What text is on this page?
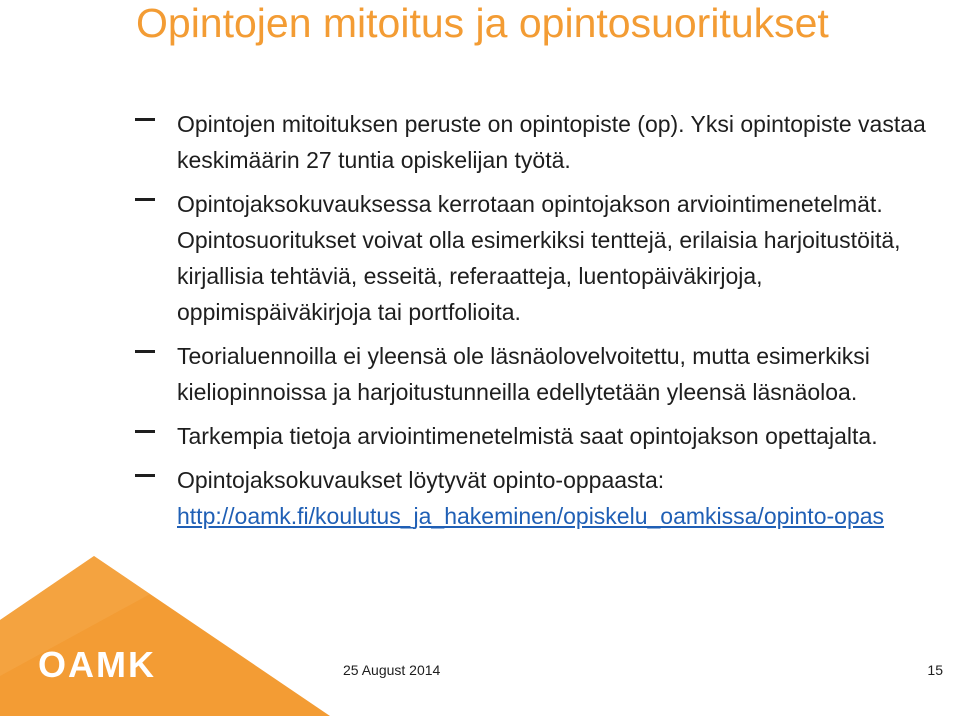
Opintojen mitoitus ja opintosuoritukset
Opintojen mitoituksen peruste on opintopiste (op). Yksi opintopiste vastaa keskimäärin 27 tuntia opiskelijan työtä.
Opintojaksokuvauksessa kerrotaan opintojakson arviointimenetelmät. Opintosuoritukset voivat olla esimerkiksi tenttejä, erilaisia harjoitustöitä, kirjallisia tehtäviä, esseitä, referaatteja, luentopäiväkirjoja, oppimispäiväkirjoja tai portfolioita.
Teorialuennoilla ei yleensä ole läsnäolovelvoitettu, mutta esimerkiksi kieliopinnoissa ja harjoitustunneilla edellytetään yleensä läsnäoloa.
Tarkempia tietoja arviointimenetelmistä saat opintojakson opettajalta.
Opintojaksokuvaukset löytyvät opinto-oppaasta:
http://oamk.fi/koulutus_ja_hakeminen/opiskelu_oamkissa/opinto-opas
OAMK	25 August 2014	15
